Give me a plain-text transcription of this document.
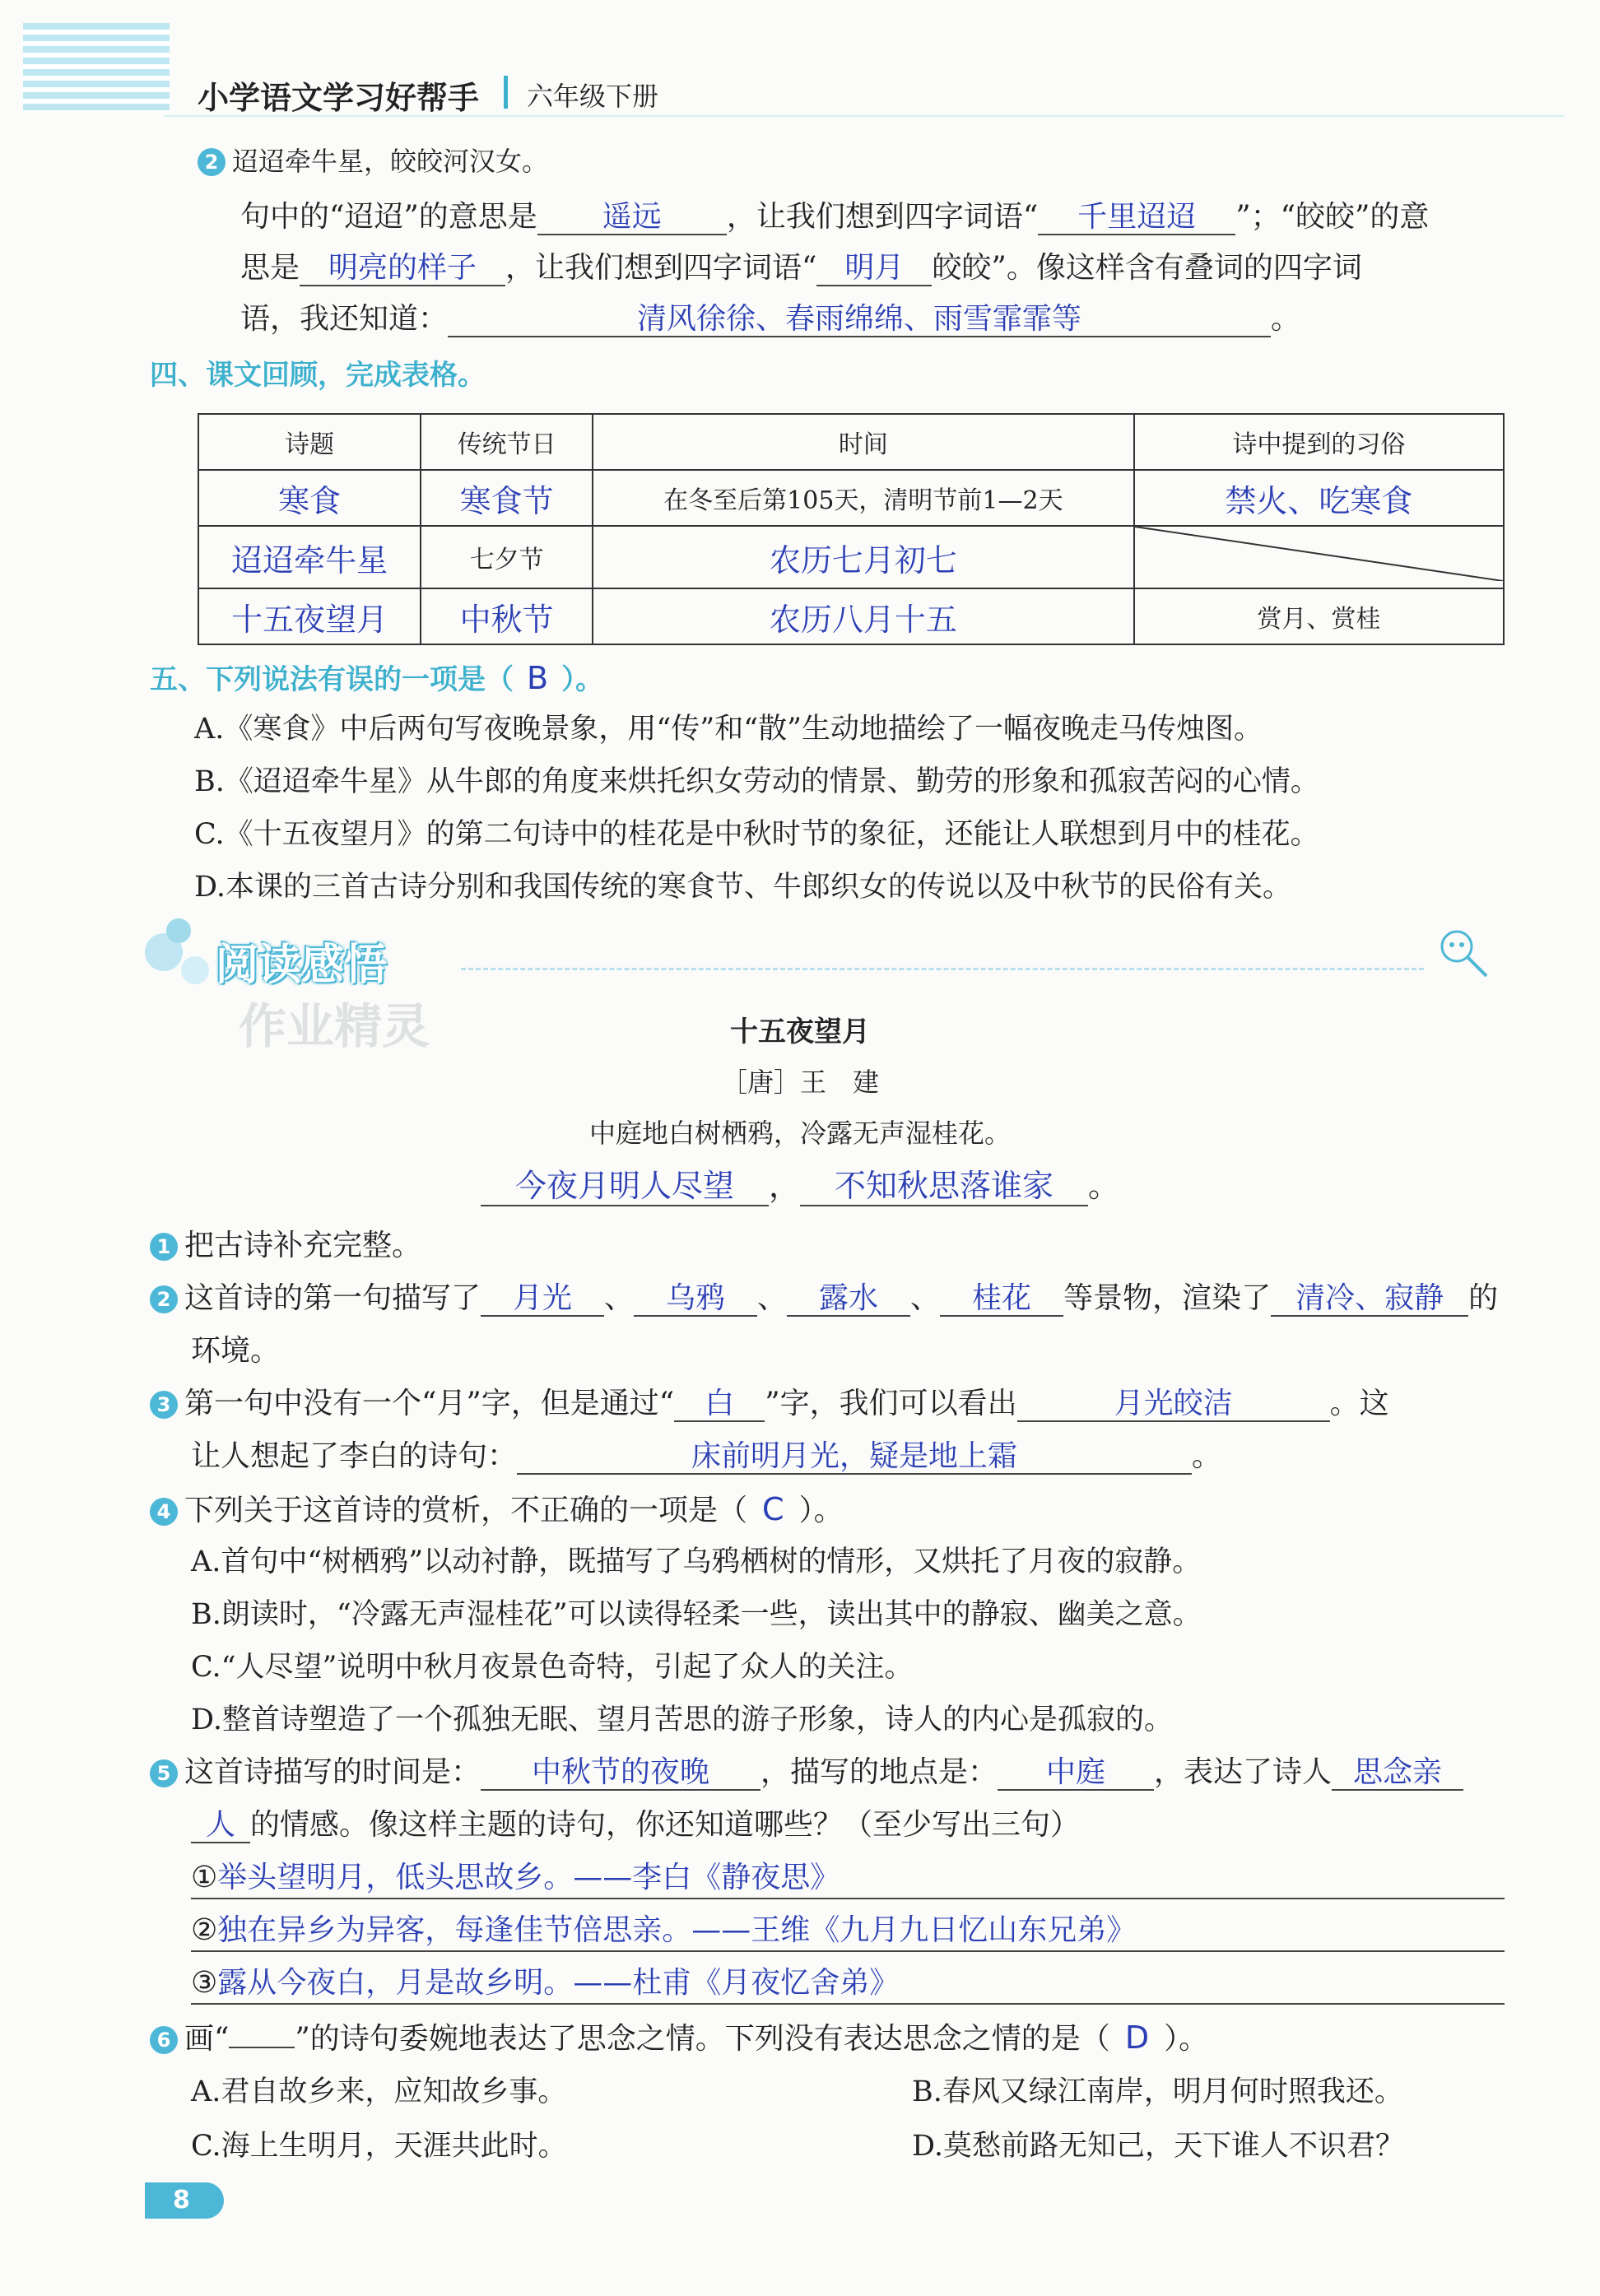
小学语文学习好帮手 六年级下册
2 迢迢牵牛星，皎皎河汉女。
句中的“迢迢”的意思是 遥远 ，让我们想到四字词语“ 千里迢迢 ”；“皎皎”的意
思是 明亮的样子 ，让我们想到四字词语“ 明月 皎皎”。像这样含有叠词的四字词
语，我还知道：	清风徐徐、春雨绵绵、雨雪霏霏等	。
四、课文回顾，完成表格。
诗题	传统节日	时间	诗中提到的习俗
寒食	寒食节	在冬至后第105天，清明节前1—2天	禁火、吃寒食
迢迢牵牛星	七夕节	农历七月初七	
十五夜望月	中秋节	农历八月十五	赏月、赏桂
五、下列说法有误的一项是（ B ）。
A.《寒食》中后两句写夜晚景象，用“传”和“散”生动地描绘了一幅夜晚走马传烛图。
B.《迢迢牵牛星》从牛郎的角度来烘托织女劳动的情景、勤劳的形象和孤寂苦闷的心情。
C.《十五夜望月》的第二句诗中的桂花是中秋时节的象征，还能让人联想到月中的桂花。
D.本课的三首古诗分别和我国传统的寒食节、牛郎织女的传说以及中秋节的民俗有关。
阅读感悟
作业精灵	十五夜望月
［唐］王　建
中庭地白树栖鸦，冷露无声湿桂花。
今夜月明人尽望 ， 不知秋思落谁家 。
1 把古诗补充完整。
2 这首诗的第一句描写了 月光 、 乌鸦 、 露水 、 桂花 等景物，渲染了 清冷、寂静 的
环境。
3 第一句中没有一个“月”字，但是通过“ 白 ”字，我们可以看出	月光皎洁	。这
让人想起了李白的诗句：	床前明月光，疑是地上霜	。
4 下列关于这首诗的赏析，不正确的一项是（ C ）。
A.首句中“树栖鸦”以动衬静，既描写了乌鸦栖树的情形，又烘托了月夜的寂静。
B.朗读时，“冷露无声湿桂花”可以读得轻柔一些，读出其中的静寂、幽美之意。
C.“人尽望”说明中秋月夜景色奇特，引起了众人的关注。
D.整首诗塑造了一个孤独无眠、望月苦思的游子形象，诗人的内心是孤寂的。
5 这首诗描写的时间是： 中秋节的夜晚 ，描写的地点是： 中庭 ，表达了诗人 思念亲
人 的情感。像这样主题的诗句，你还知道哪些？（至少写出三句）
①举头望明月，低头思故乡。——李白《静夜思》
②独在异乡为异客，每逢佳节倍思亲。——王维《九月九日忆山东兄弟》
③露从今夜白，月是故乡明。——杜甫《月夜忆舍弟》
6 画“ ”的诗句委婉地表达了思念之情。下列没有表达思念之情的是（ D ）。
A.君自故乡来，应知故乡事。	B.春风又绿江南岸，明月何时照我还。
C.海上生明月，天涯共此时。	D.莫愁前路无知己，天下谁人不识君？
8
